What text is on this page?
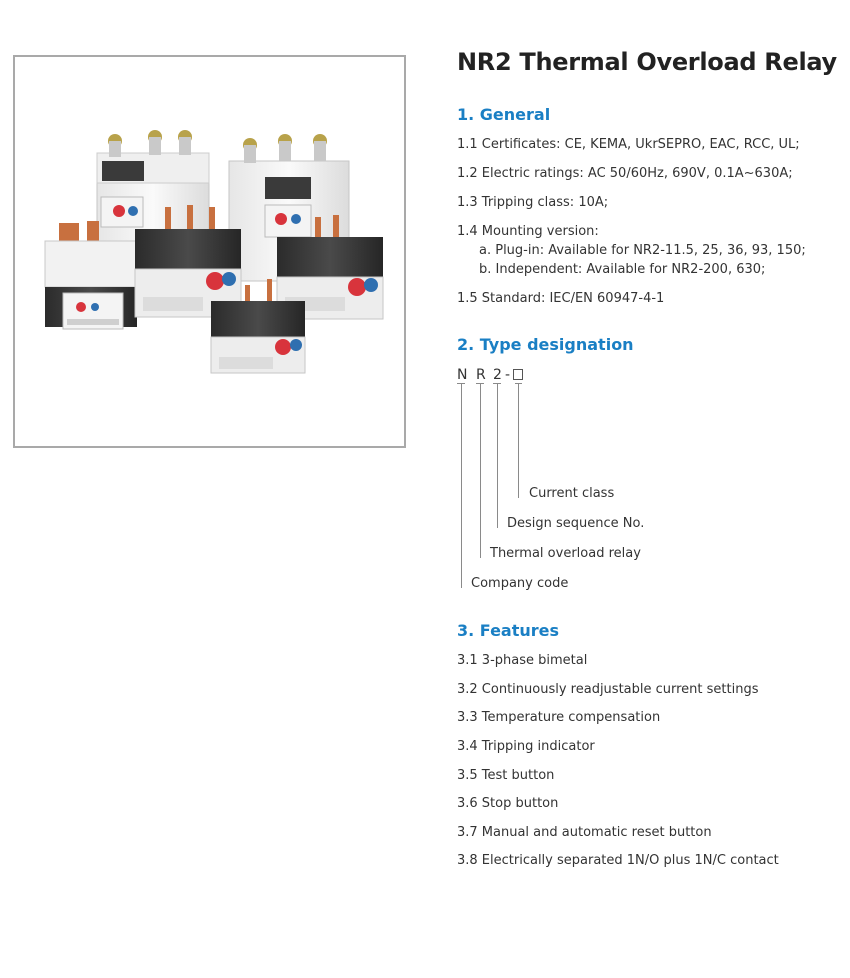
NR2 Thermal Overload Relay
1. General

1.1 Certificates: CE, KEMA, UkrSEPRO, EAC, RCC, UL;

1.2 Electric ratings: AC 50/60Hz, 690V, 0.1A~630A;

1.3 Tripping class: 10A;

1.4 Mounting version:

a. Plug-in: Available for NR2-11.5, 25, 36, 93, 150;

b. Independent: Available for NR2-200, 630;

1.5 Standard: IEC/EN 60947-4-1

2. Type designation
N R 2 -
Current class
Design sequence No.
Thermal overload relay
Company code
3. Features

3.1 3-phase bimetal

3.2 Continuously readjustable current settings

3.3 Temperature compensation

3.4 Tripping indicator

3.5 Test button

3.6 Stop button

3.7 Manual and automatic reset button

3.8 Electrically separated 1N/O plus 1N/C contact
